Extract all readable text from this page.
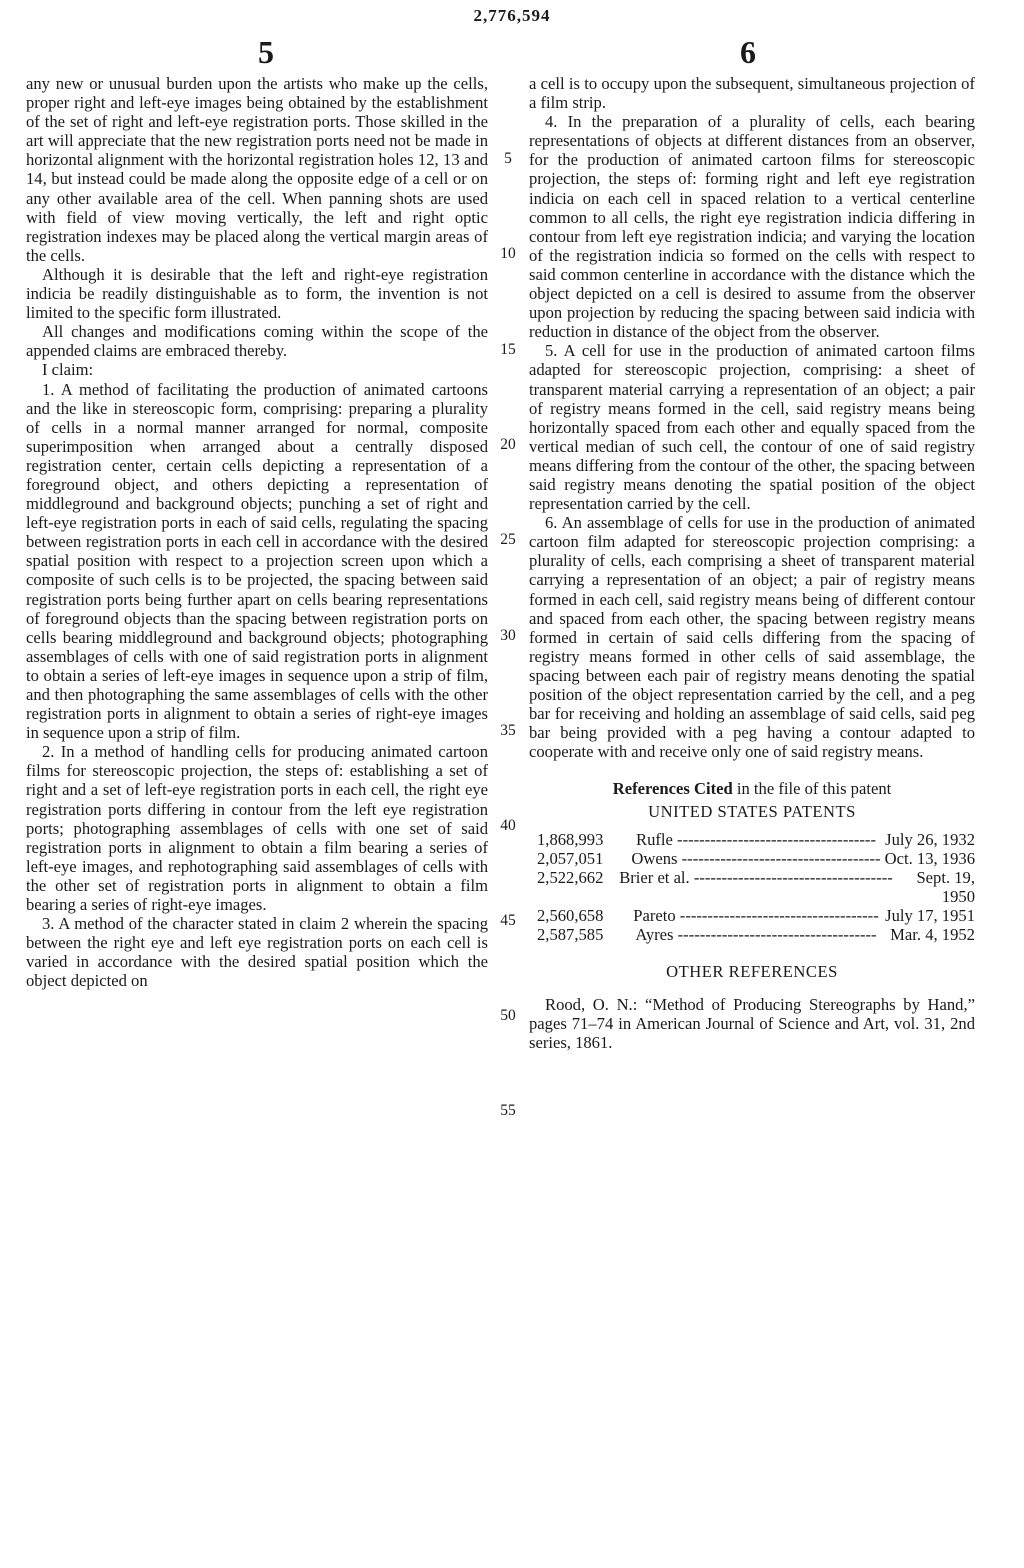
2,776,594
5	6

any new or unusual burden upon the artists who make up the cells, proper right and left-eye images being obtained by the establishment of the set of right and left-eye registration ports. Those skilled in the art will appreciate that the new registration ports need not be made in horizontal alignment with the horizontal registration holes 12, 13 and 14, but instead could be made along the opposite edge of a cell or on any other available area of the cell. When panning shots are used with field of view moving vertically, the left and right optic registration indexes may be placed along the vertical margin areas of the cells.

Although it is desirable that the left and right-eye registration indicia be readily distinguishable as to form, the invention is not limited to the specific form illustrated.

All changes and modifications coming within the scope of the appended claims are embraced thereby.

I claim:

1. A method of facilitating the production of animated cartoons and the like in stereoscopic form, comprising: preparing a plurality of cells in a normal manner arranged for normal, composite superimposition when arranged about a centrally disposed registration center, certain cells depicting a representation of a foreground object, and others depicting a representation of middleground and background objects; punching a set of right and left-eye registration ports in each of said cells, regulating the spacing between registration ports in each cell in accordance with the desired spatial position with respect to a projection screen upon which a composite of such cells is to be projected, the spacing between said registration ports being further apart on cells bearing representations of foreground objects than the spacing between registration ports on cells bearing middleground and background objects; photographing assemblages of cells with one of said registration ports in alignment to obtain a series of left-eye images in sequence upon a strip of film, and then photographing the same assemblages of cells with the other registration ports in alignment to obtain a series of right-eye images in sequence upon a strip of film.

2. In a method of handling cells for producing animated cartoon films for stereoscopic projection, the steps of: establishing a set of right and a set of left-eye registration ports in each cell, the right eye registration ports differing in contour from the left eye registration ports; photographing assemblages of cells with one set of said registration ports in alignment to obtain a film bearing a series of left-eye images, and rephotographing said assemblages of cells with the other set of registration ports in alignment to obtain a film bearing a series of right-eye images.

3. A method of the character stated in claim 2 wherein the spacing between the right eye and left eye registration ports on each cell is varied in accordance with the desired spatial position which the object depicted on

5
10
15
20
25
30
35
40
45
50
55

a cell is to occupy upon the subsequent, simultaneous projection of a film strip.

4. In the preparation of a plurality of cells, each bearing representations of objects at different distances from an observer, for the production of animated cartoon films for stereoscopic projection, the steps of: forming right and left eye registration indicia on each cell in spaced relation to a vertical centerline common to all cells, the right eye registration indicia differing in contour from left eye registration indicia; and varying the location of the registration indicia so formed on the cells with respect to said common centerline in accordance with the distance which the object depicted on a cell is desired to assume from the observer upon projection by reducing the spacing between said indicia with reduction in distance of the object from the observer.

5. A cell for use in the production of animated cartoon films adapted for stereoscopic projection, comprising: a sheet of transparent material carrying a representation of an object; a pair of registry means formed in the cell, said registry means being horizontally spaced from each other and equally spaced from the vertical median of such cell, the contour of one of said registry means differing from the contour of the other, the spacing between said registry means denoting the spatial position of the object representation carried by the cell.

6. An assemblage of cells for use in the production of animated cartoon film adapted for stereoscopic projection comprising: a plurality of cells, each comprising a sheet of transparent material carrying a representation of an object; a pair of registry means formed in each cell, said registry means being of different contour and spaced from each other, the spacing between registry means formed in certain of said cells differing from the spacing of registry means formed in other cells of said assemblage, the spacing between each pair of registry means denoting the spatial position of the object representation carried by the cell, and a peg bar for receiving and holding an assemblage of said cells, said peg bar being provided with a peg having a contour adapted to cooperate with and receive only one of said registry means.

References Cited in the file of this patent
UNITED STATES PATENTS
1,868,993	Rufle ------------------------------------ July 26, 1932
2,057,051	Owens ------------------------------------ Oct. 13, 1936
2,522,662 Brier et al. ------------------------------------	Sept. 19, 1950
2,560,658	Pareto ------------------------------------ July 17, 1951
2,587,585	Ayres ------------------------------------ Mar. 4, 1952
OTHER REFERENCES

Rood, O. N.: “Method of Producing Stereographs by Hand,” pages 71–74 in American Journal of Science and Art, vol. 31, 2nd series, 1861.
